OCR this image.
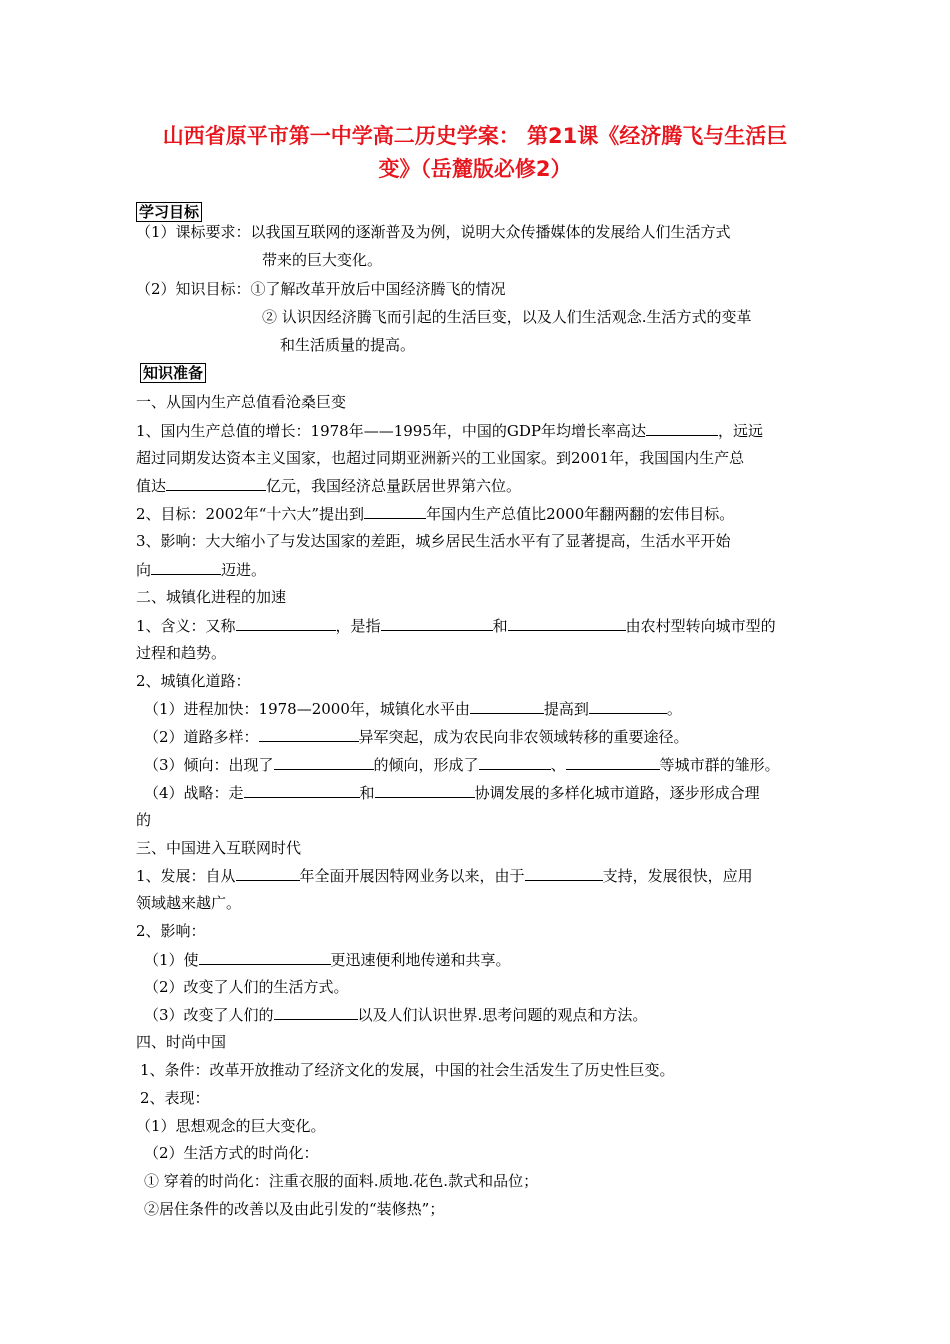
山西省原平市第一中学高二历史学案： 第21课《经济腾飞与生活巨
变》（岳麓版必修2）
学习目标
（1）课标要求：以我国互联网的逐渐普及为例，说明大众传播媒体的发展给人们生活方式
带来的巨大变化。
（2）知识目标：①了解改革开放后中国经济腾飞的情况
② 认识因经济腾飞而引起的生活巨变，以及人们生活观念.生活方式的变革
和生活质量的提高。
知识准备
一、从国内生产总值看沧桑巨变
1、国内生产总值的增长：1978年——1995年，中国的GDP年均增长率高达	，远远
超过同期发达资本主义国家，也超过同期亚洲新兴的工业国家。到2001年，我国国内生产总
值达	亿元，我国经济总量跃居世界第六位。
2、目标：2002年“十六大”提出到	年国内生产总值比2000年翻两翻的宏伟目标。
3、影响：大大缩小了与发达国家的差距，城乡居民生活水平有了显著提高，生活水平开始
向	迈进。
二、城镇化进程的加速
1、含义：又称	，是指	和	由农村型转向城市型的
过程和趋势。
2、城镇化道路：
（1）进程加快：1978—2000年，城镇化水平由	提高到	。
（2）道路多样：	异军突起，成为农民向非农领域转移的重要途径。
（3）倾向：出现了	的倾向，形成了	、	等城市群的雏形。
（4）战略：走	和	协调发展的多样化城市道路，逐步形成合理
的
三、中国进入互联网时代
1、发展：自从	年全面开展因特网业务以来，由于	支持，发展很快，应用
领域越来越广。
2、影响：
（1）使	更迅速便利地传递和共享。
（2）改变了人们的生活方式。
（3）改变了人们的	以及人们认识世界.思考问题的观点和方法。
四、时尚中国
1、条件：改革开放推动了经济文化的发展，中国的社会生活发生了历史性巨变。
2、表现：
（1）思想观念的巨大变化。
（2）生活方式的时尚化：
① 穿着的时尚化：注重衣服的面料.质地.花色.款式和品位；
②居住条件的改善以及由此引发的“装修热”；
